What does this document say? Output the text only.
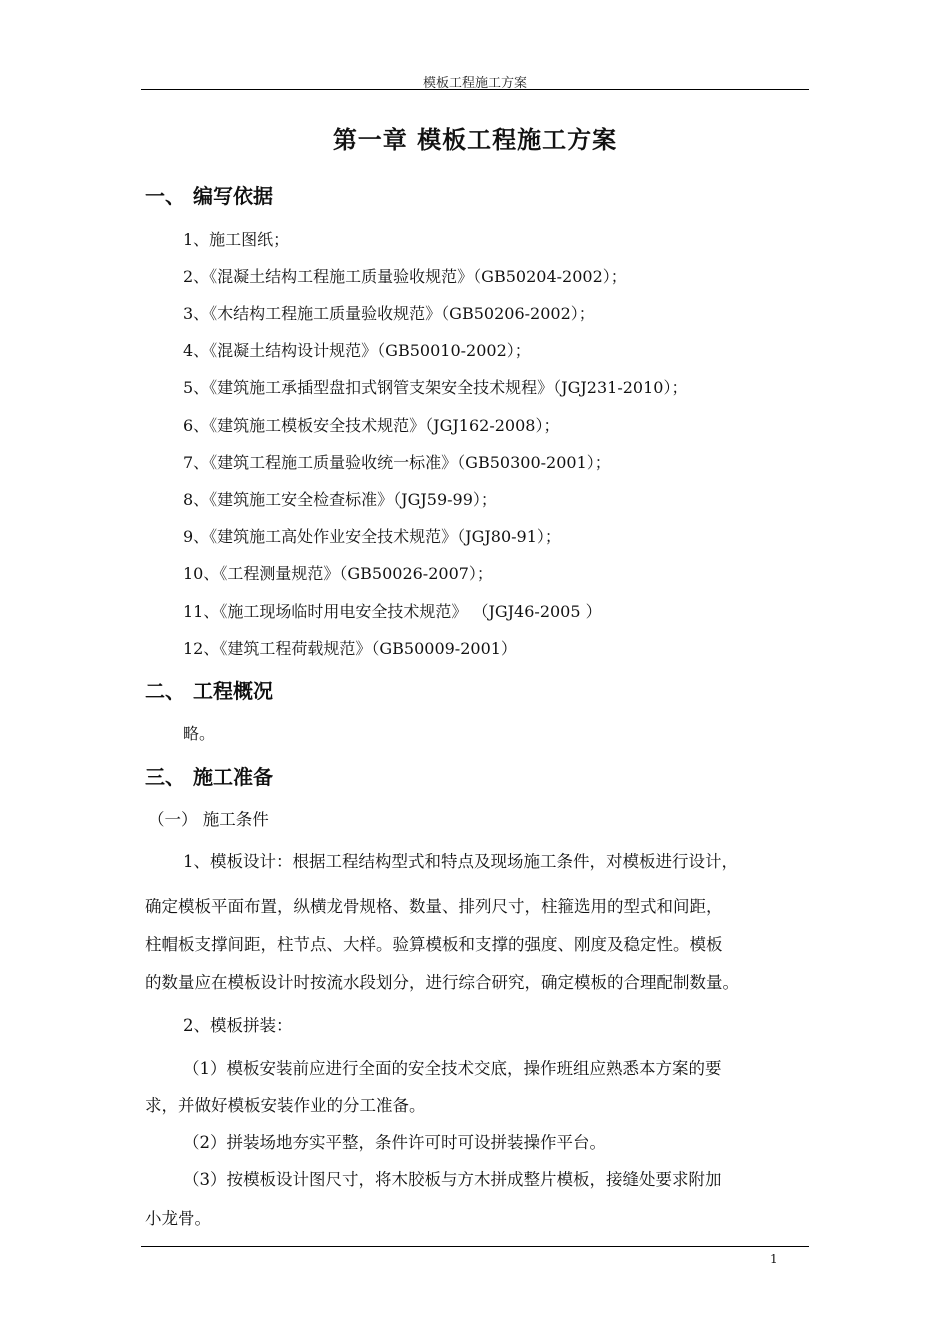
模板工程施工方案
第一章 模板工程施工方案
一、 编写依据
1、施工图纸；
2、《混凝土结构工程施工质量验收规范》（GB50204-2002）；
3、《木结构工程施工质量验收规范》（GB50206-2002）；
4、《混凝土结构设计规范》（GB50010-2002）；
5、《建筑施工承插型盘扣式钢管支架安全技术规程》（JGJ231-2010）；
6、《建筑施工模板安全技术规范》（JGJ162-2008）；
7、《建筑工程施工质量验收统一标准》（GB50300-2001）；
8、《建筑施工安全检查标准》（JGJ59-99）；
9、《建筑施工高处作业安全技术规范》（JGJ80-91）；
10、《工程测量规范》（GB50026-2007）；
11、《施工现场临时用电安全技术规范》 （JGJ46-2005 ）
12、《建筑工程荷载规范》（GB50009-2001）
二、 工程概况
略。
三、 施工准备
（一） 施工条件
1、模板设计：根据工程结构型式和特点及现场施工条件，对模板进行设计，
确定模板平面布置，纵横龙骨规格、数量、排列尺寸，柱箍选用的型式和间距，
柱帽板支撑间距，柱节点、大样。验算模板和支撑的强度、刚度及稳定性。模板
的数量应在模板设计时按流水段划分，进行综合研究，确定模板的合理配制数量。
2、模板拼装：
（1）模板安装前应进行全面的安全技术交底，操作班组应熟悉本方案的要
求，并做好模板安装作业的分工准备。
（2）拼装场地夯实平整，条件许可时可设拼装操作平台。
（3）按模板设计图尺寸，将木胶板与方木拼成整片模板，接缝处要求附加
小龙骨。
1
